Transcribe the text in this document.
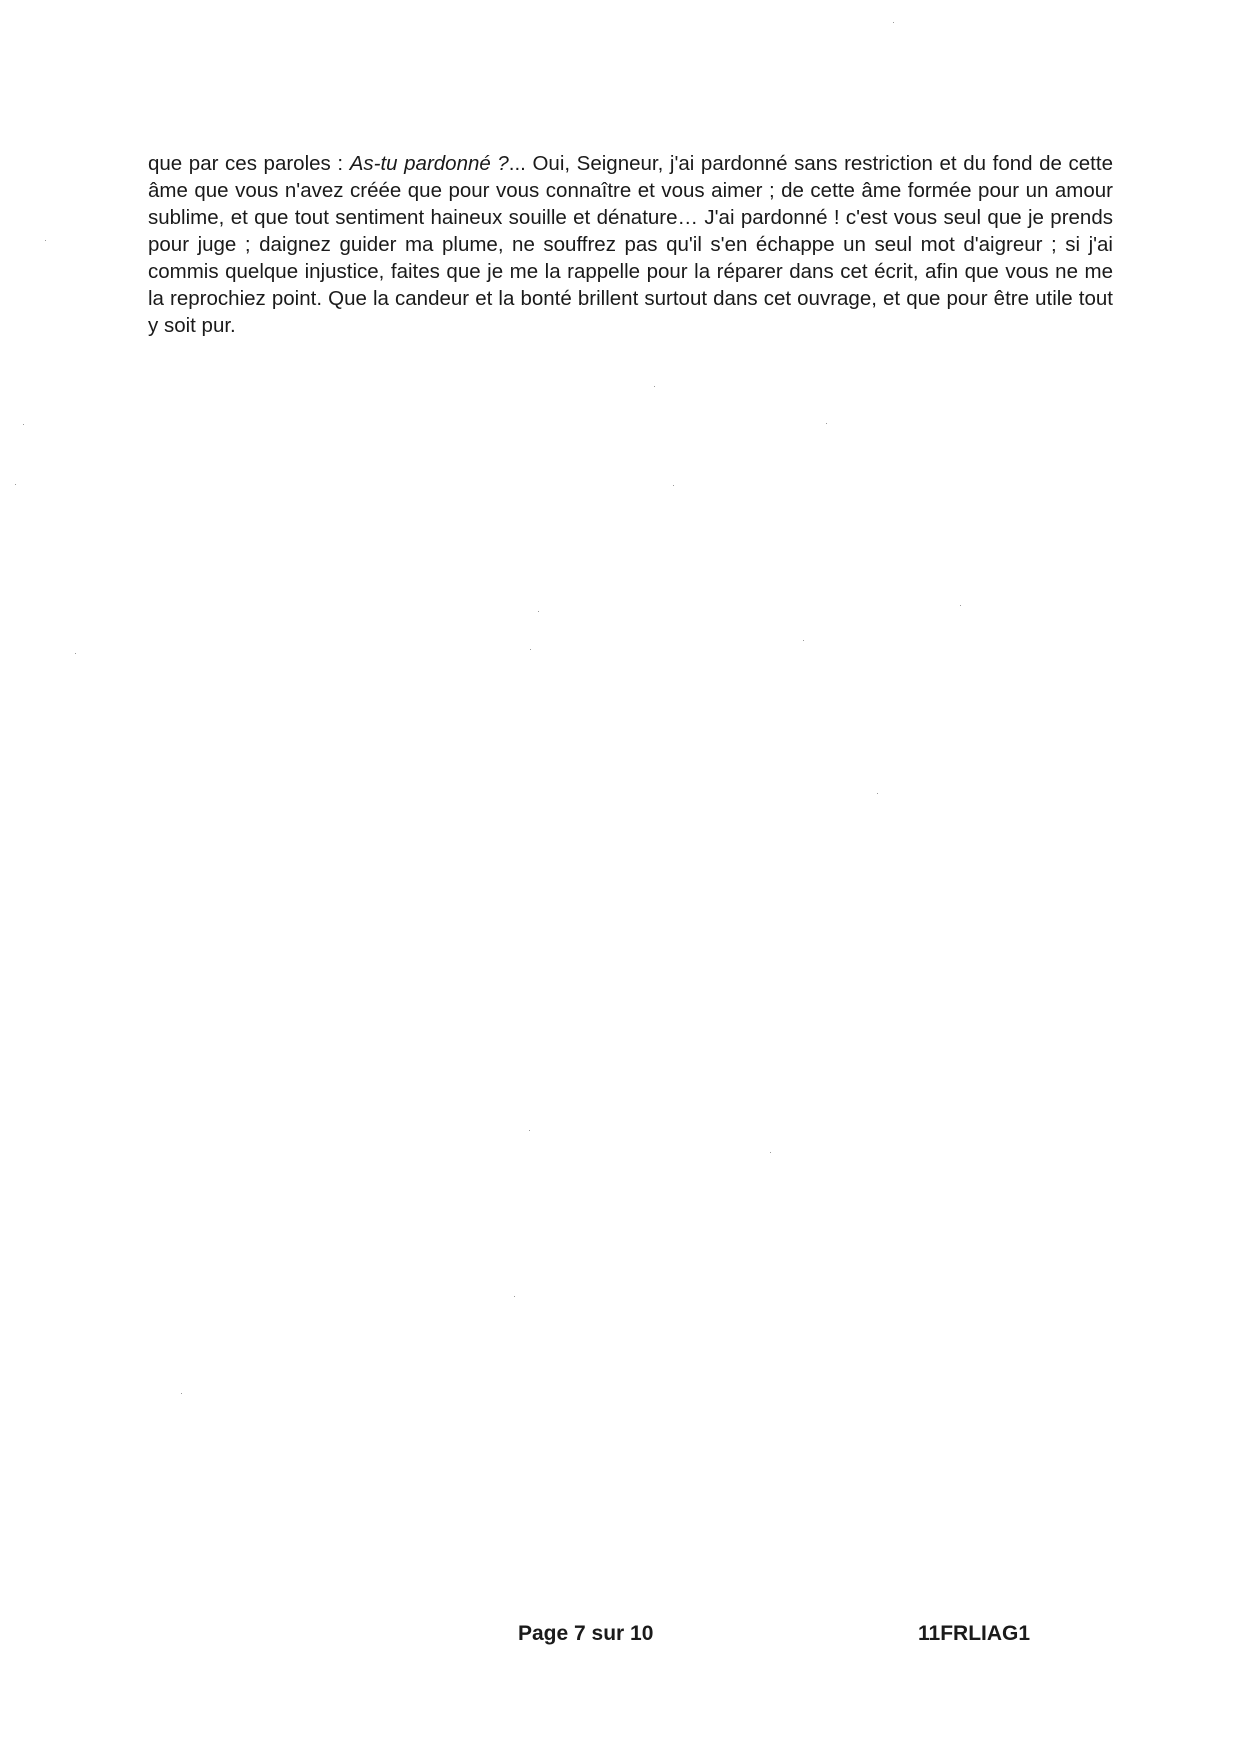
que par ces paroles : As-tu pardonné ?... Oui, Seigneur, j'ai pardonné sans restriction et du fond de cette âme que vous n'avez créée que pour vous connaître et vous aimer ; de cette âme formée pour un amour sublime, et que tout sentiment haineux souille et dénature… J'ai pardonné ! c'est vous seul que je prends pour juge ; daignez guider ma plume, ne souffrez pas qu'il s'en échappe un seul mot d'aigreur ; si j'ai commis quelque injustice, faites que je me la rappelle pour la réparer dans cet écrit, afin que vous ne me la reprochiez point. Que la candeur et la bonté brillent surtout dans cet ouvrage, et que pour être utile tout y soit pur.

Page 7 sur 10	11FRLIAG1
